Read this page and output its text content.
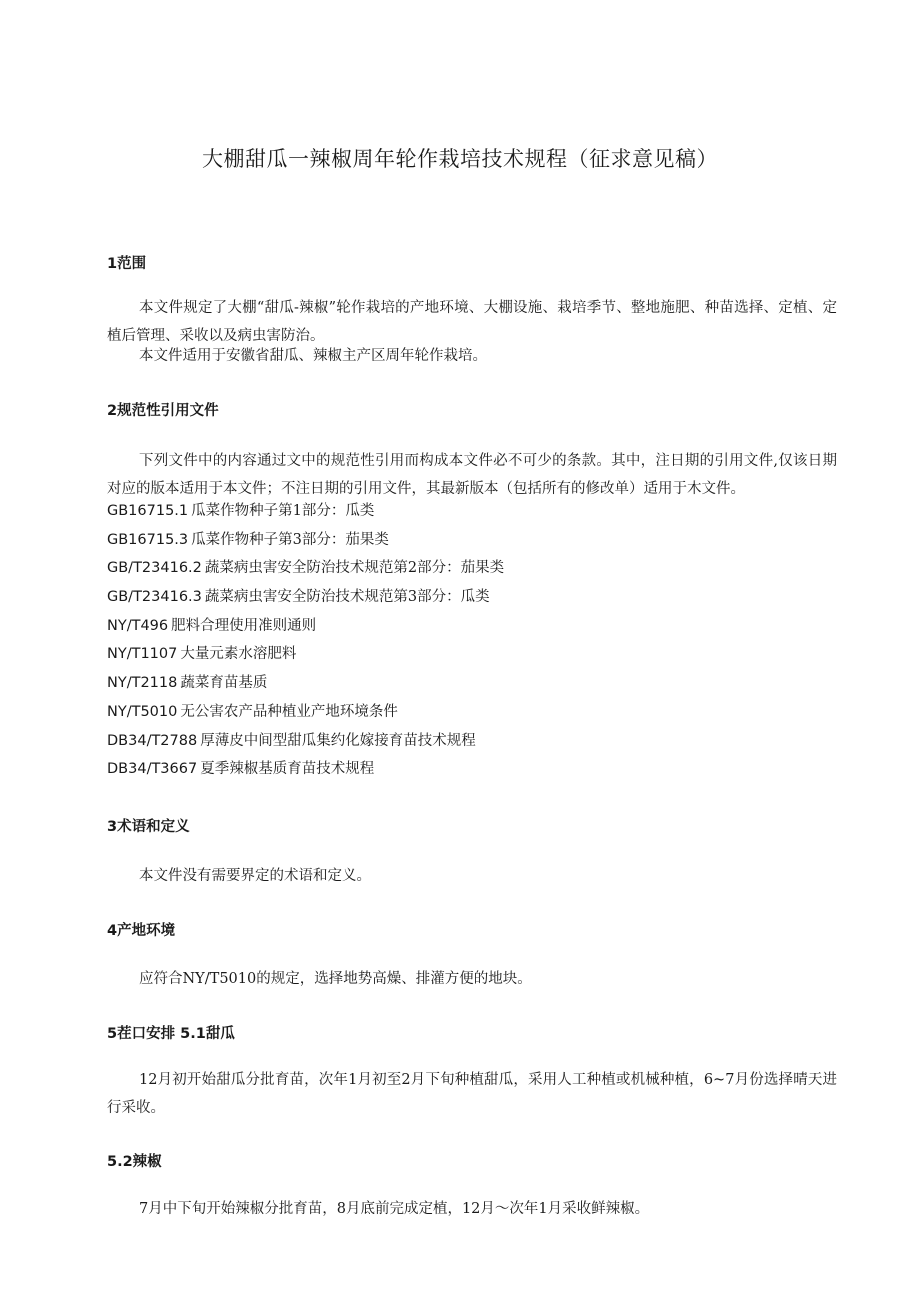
大棚甜瓜一辣椒周年轮作栽培技术规程（征求意见稿）
1范围

本文件规定了大棚“甜瓜-辣椒”轮作栽培的产地环境、大棚设施、栽培季节、整地施肥、种苗选择、定植、定植后管理、采收以及病虫害防治。

本文件适用于安徽省甜瓜、辣椒主产区周年轮作栽培。

2规范性引用文件

下列文件中的内容通过文中的规范性引用而构成本文件必不可少的条款。其中，注日期的引用文件,仅该日期对应的版本适用于本文件；不注日期的引用文件，其最新版本（包括所有的修改单）适用于木文件。

GB16715.1 瓜菜作物种子第1部分：瓜类
GB16715.3 瓜菜作物种子第3部分：茄果类
GB/T23416.2 蔬菜病虫害安全防治技术规范第2部分：茄果类
GB/T23416.3 蔬菜病虫害安全防治技术规范第3部分：瓜类
NY/T496 肥料合理使用准则通则
NY/T1107 大量元素水溶肥料
NY/T2118 蔬菜育苗基质
NY/T5010 无公害农产品种植业产地环境条件
DB34/T2788 厚薄皮中间型甜瓜集约化嫁接育苗技术规程
DB34/T3667 夏季辣椒基质育苗技术规程
3术语和定义

本文件没有需要界定的术语和定义。

4产地环境

应符合NY/T5010的规定，选择地势高燥、排灌方便的地块。

5茬口安排 5.1甜瓜

12月初开始甜瓜分批育苗，次年1月初至2月下旬种植甜瓜，采用人工种植或机械种植，6~7月份选择晴天进行采收。

5.2辣椒

7月中下旬开始辣椒分批育苗，8月底前完成定植，12月～次年1月采收鲜辣椒。
